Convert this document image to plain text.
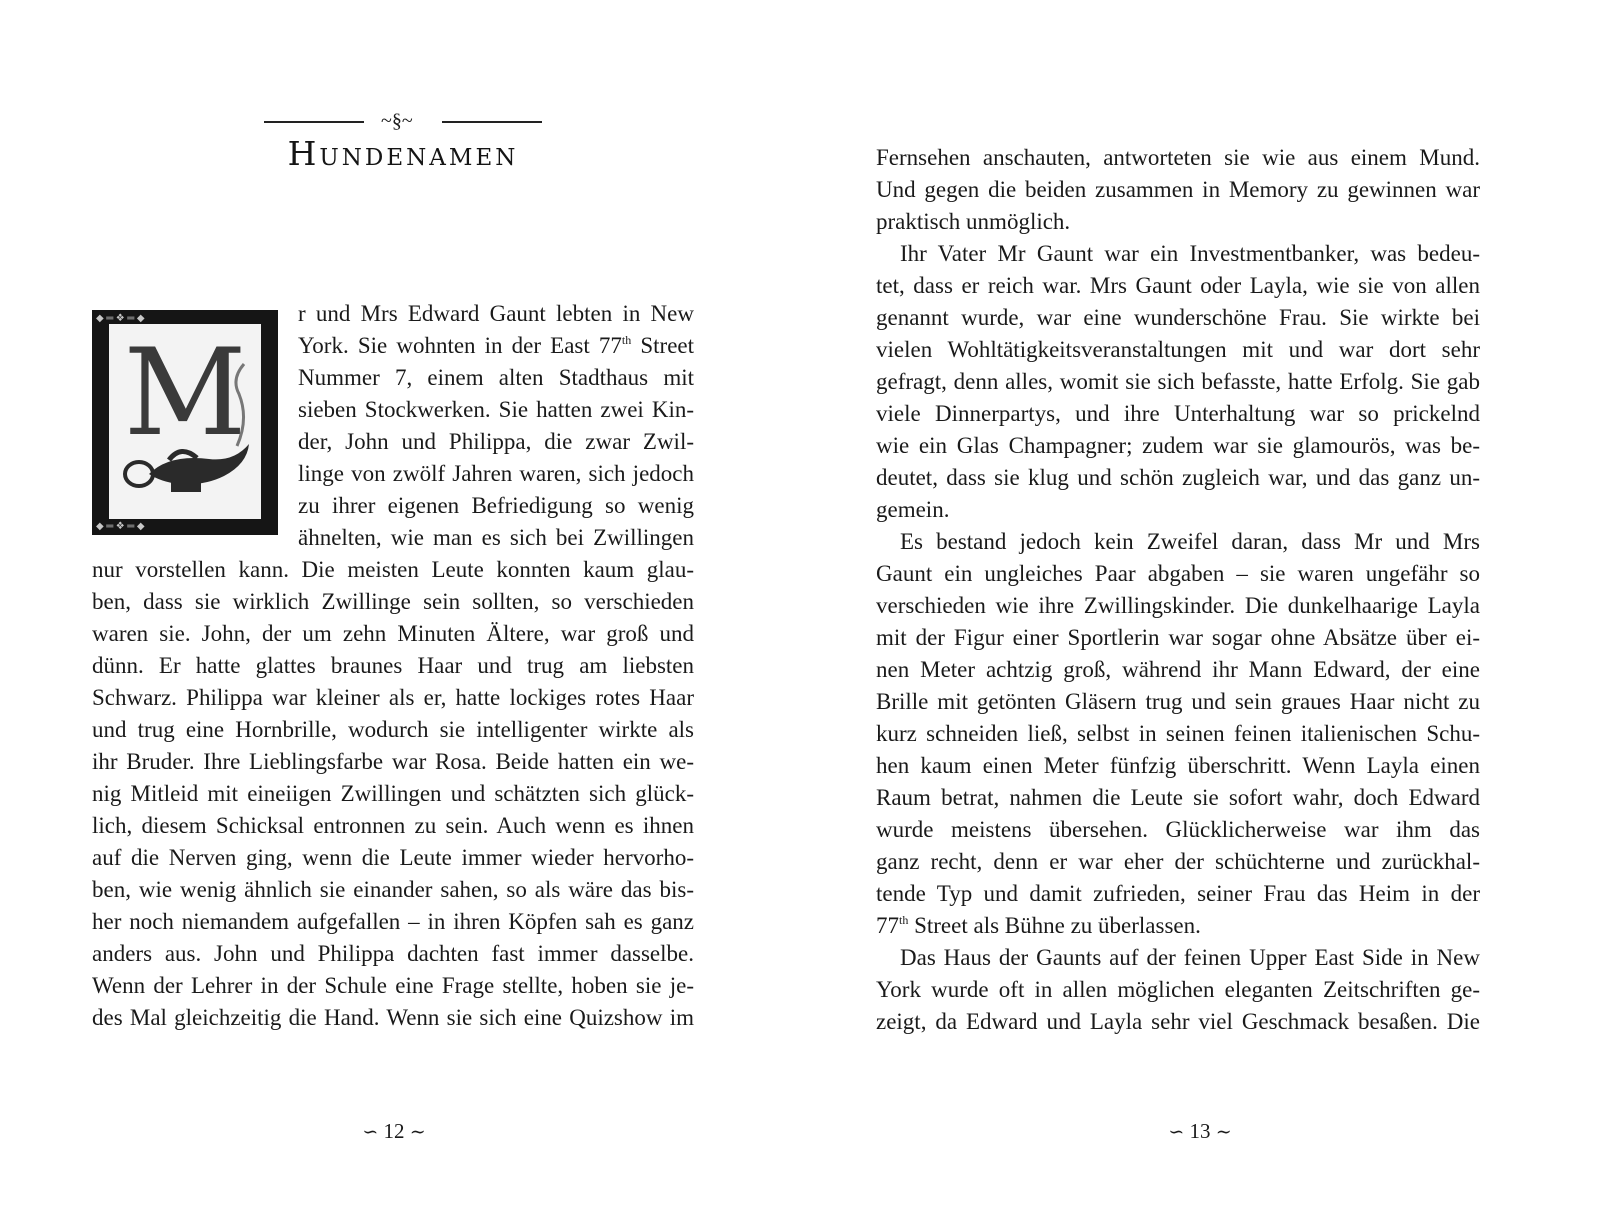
~§~
Hundenamen
◆ ═ ❖ ═ ◆
◆ ═ ❖ ═ ◆
M
r und Mrs Edward Gaunt lebten in New
York. Sie wohnten in der East 77th Street
Nummer 7, einem alten Stadthaus mit
sieben Stockwerken. Sie hatten zwei Kin-
der, John und Philippa, die zwar Zwil-
linge von zwölf Jahren waren, sich jedoch
zu ihrer eigenen Befriedigung so wenig
ähnelten, wie man es sich bei Zwillingen
nur vorstellen kann. Die meisten Leute konnten kaum glau-
ben, dass sie wirklich Zwillinge sein sollten, so verschieden
waren sie. John, der um zehn Minuten Ältere, war groß und
dünn. Er hatte glattes braunes Haar und trug am liebsten
Schwarz. Philippa war kleiner als er, hatte lockiges rotes Haar
und trug eine Hornbrille, wodurch sie intelligenter wirkte als
ihr Bruder. Ihre Lieblingsfarbe war Rosa. Beide hatten ein we-
nig Mitleid mit eineiigen Zwillingen und schätzten sich glück-
lich, diesem Schicksal entronnen zu sein. Auch wenn es ihnen
auf die Nerven ging, wenn die Leute immer wieder hervorho-
ben, wie wenig ähnlich sie einander sahen, so als wäre das bis-
her noch niemandem aufgefallen – in ihren Köpfen sah es ganz
anders aus. John und Philippa dachten fast immer dasselbe.
Wenn der Lehrer in der Schule eine Frage stellte, hoben sie je-
des Mal gleichzeitig die Hand. Wenn sie sich eine Quizshow im
∽ 12 ∼
Fernsehen anschauten, antworteten sie wie aus einem Mund.
Und gegen die beiden zusammen in Memory zu gewinnen war
praktisch unmöglich.
Ihr Vater Mr Gaunt war ein Investmentbanker, was bedeu-
tet, dass er reich war. Mrs Gaunt oder Layla, wie sie von allen
genannt wurde, war eine wunderschöne Frau. Sie wirkte bei
vielen Wohltätigkeitsveranstaltungen mit und war dort sehr
gefragt, denn alles, womit sie sich befasste, hatte Erfolg. Sie gab
viele Dinnerpartys, und ihre Unterhaltung war so prickelnd
wie ein Glas Champagner; zudem war sie glamourös, was be-
deutet, dass sie klug und schön zugleich war, und das ganz un-
gemein.
Es bestand jedoch kein Zweifel daran, dass Mr und Mrs
Gaunt ein ungleiches Paar abgaben – sie waren ungefähr so
verschieden wie ihre Zwillingskinder. Die dunkelhaarige Layla
mit der Figur einer Sportlerin war sogar ohne Absätze über ei-
nen Meter achtzig groß, während ihr Mann Edward, der eine
Brille mit getönten Gläsern trug und sein graues Haar nicht zu
kurz schneiden ließ, selbst in seinen feinen italienischen Schu-
hen kaum einen Meter fünfzig überschritt. Wenn Layla einen
Raum betrat, nahmen die Leute sie sofort wahr, doch Edward
wurde meistens übersehen. Glücklicherweise war ihm das
ganz recht, denn er war eher der schüchterne und zurückhal-
tende Typ und damit zufrieden, seiner Frau das Heim in der
77th Street als Bühne zu überlassen.
Das Haus der Gaunts auf der feinen Upper East Side in New
York wurde oft in allen möglichen eleganten Zeitschriften ge-
zeigt, da Edward und Layla sehr viel Geschmack besaßen. Die
∽ 13 ∼
